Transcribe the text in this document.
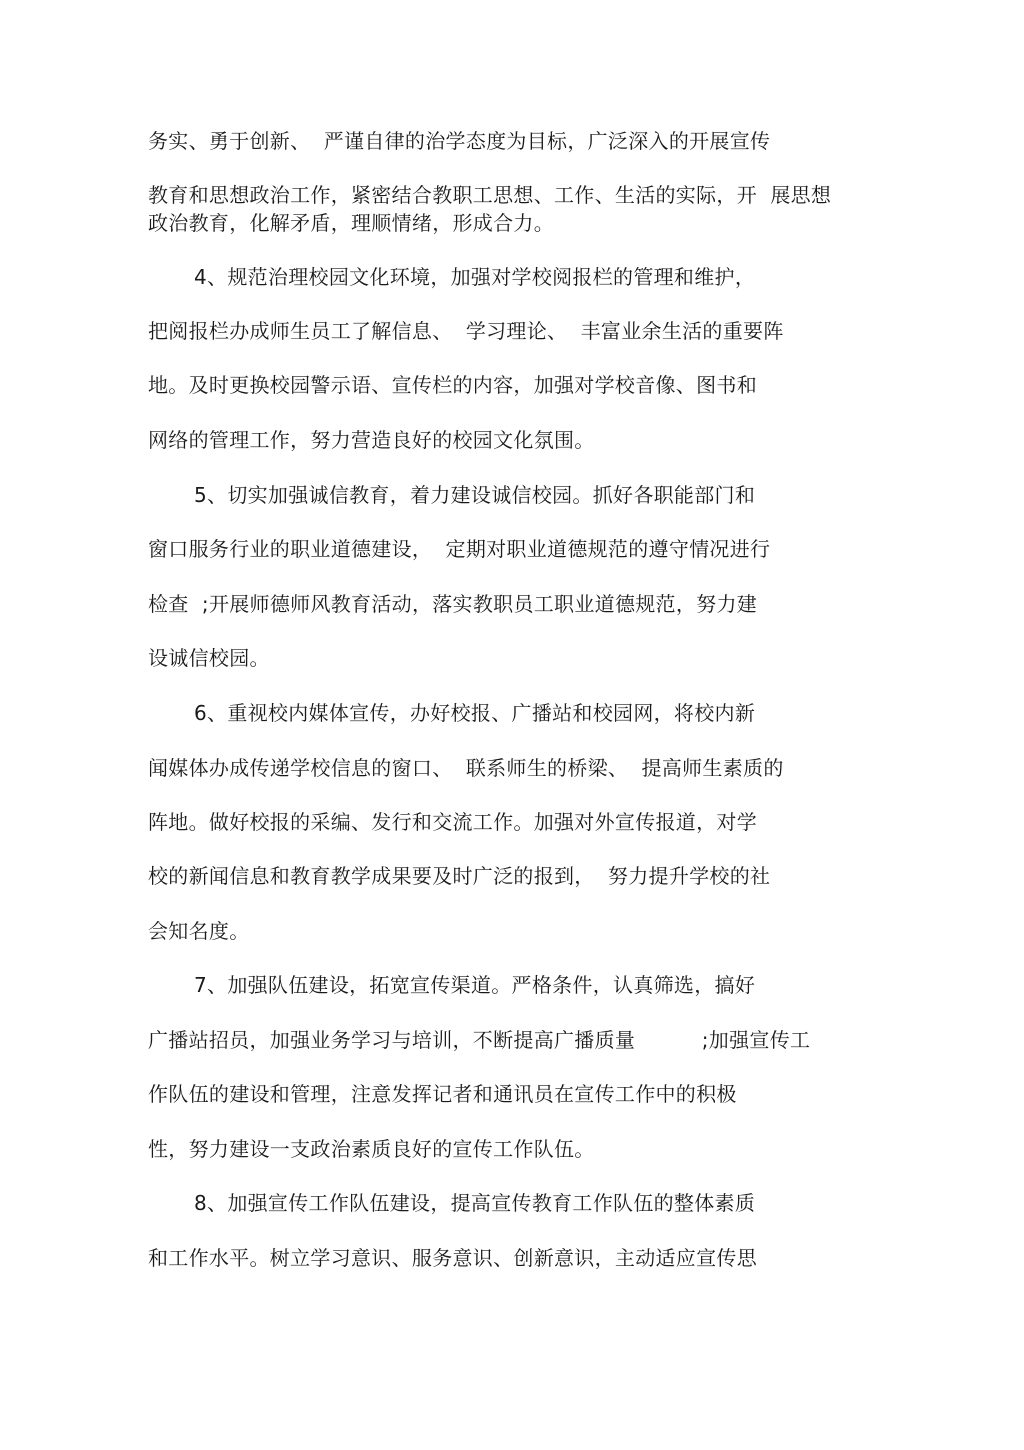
务实、勇于创新、  严谨自律的治学态度为目标，广泛深入的开展宣传
教育和思想政治工作，紧密结合教职工思想、工作、生活的实际，开  展思想
政治教育，化解矛盾，理顺情绪，形成合力。
4、规范治理校园文化环境，加强对学校阅报栏的管理和维护，
把阅报栏办成师生员工了解信息、  学习理论、  丰富业余生活的重要阵
地。及时更换校园警示语、宣传栏的内容，加强对学校音像、图书和
网络的管理工作，努力营造良好的校园文化氛围。
5、切实加强诚信教育，着力建设诚信校园。抓好各职能部门和
窗口服务行业的职业道德建设，  定期对职业道德规范的遵守情况进行
检查  ;开展师德师风教育活动，落实教职员工职业道德规范，努力建
设诚信校园。
6、重视校内媒体宣传，办好校报、广播站和校园网，将校内新
闻媒体办成传递学校信息的窗口、  联系师生的桥梁、  提高师生素质的
阵地。做好校报的采编、发行和交流工作。加强对外宣传报道，对学
校的新闻信息和教育教学成果要及时广泛的报到，  努力提升学校的社
会知名度。
7、加强队伍建设，拓宽宣传渠道。严格条件，认真筛选，搞好
广播站招员，加强业务学习与培训，不断提高广播质量          ;加强宣传工
作队伍的建设和管理，注意发挥记者和通讯员在宣传工作中的积极
性，努力建设一支政治素质良好的宣传工作队伍。
8、加强宣传工作队伍建设，提高宣传教育工作队伍的整体素质
和工作水平。树立学习意识、服务意识、创新意识，主动适应宣传思
